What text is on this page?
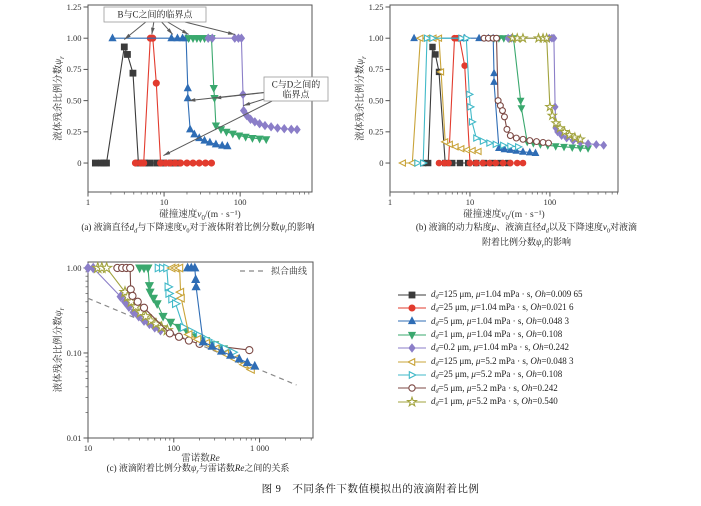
1	10	100
0
0.25
0.50
0.75
1.00
1.25
碰撞速度$v_0/(m \cdot s^{-1})$
液体残余比例分数$\psi_r$
B与C之间的临界点
C与D之间的
临界点
1	10	100
0
0.25
0.50
0.75
1.00
1.25
碰撞速度$v_0/(m \cdot s^{-1})$
液体残余比例分数$\psi_r$
10	100	1 000
1.00
0.10
0.01
雷诺数Re
液体残余比例分数$\psi_r$
拟合曲线
(a) 液滴直径$d_d$与下降速度$v_0$对于液体附着比例分数$\psi_r$的影响	(b) 液滴的动力粘度μ、液滴直径$d_d$以及下降速度$v_0$对液滴
附着比例分数$\psi_r$的影响
(c) 液滴附着比例分数$\psi_r$与雷诺数Re之间的关系
dd=125 μm, μ=1.04 mPa · s, Oh=0.009 65
dd=25 μm, μ=1.04 mPa · s, Oh=0.021 6
dd=5 μm, μ=1.04 mPa · s, Oh=0.048 3
dd=1 μm, μ=1.04 mPa · s, Oh=0.108
dd=0.2 μm, μ=1.04 mPa · s, Oh=0.242
dd=125 μm, μ=5.2 mPa · s, Oh=0.048 3
dd=25 μm, μ=5.2 mPa · s, Oh=0.108
dd=5 μm, μ=5.2 mPa · s, Oh=0.242
dd=1 μm, μ=5.2 mPa · s, Oh=0.540
图 9　不同条件下数值模拟出的液滴附着比例
